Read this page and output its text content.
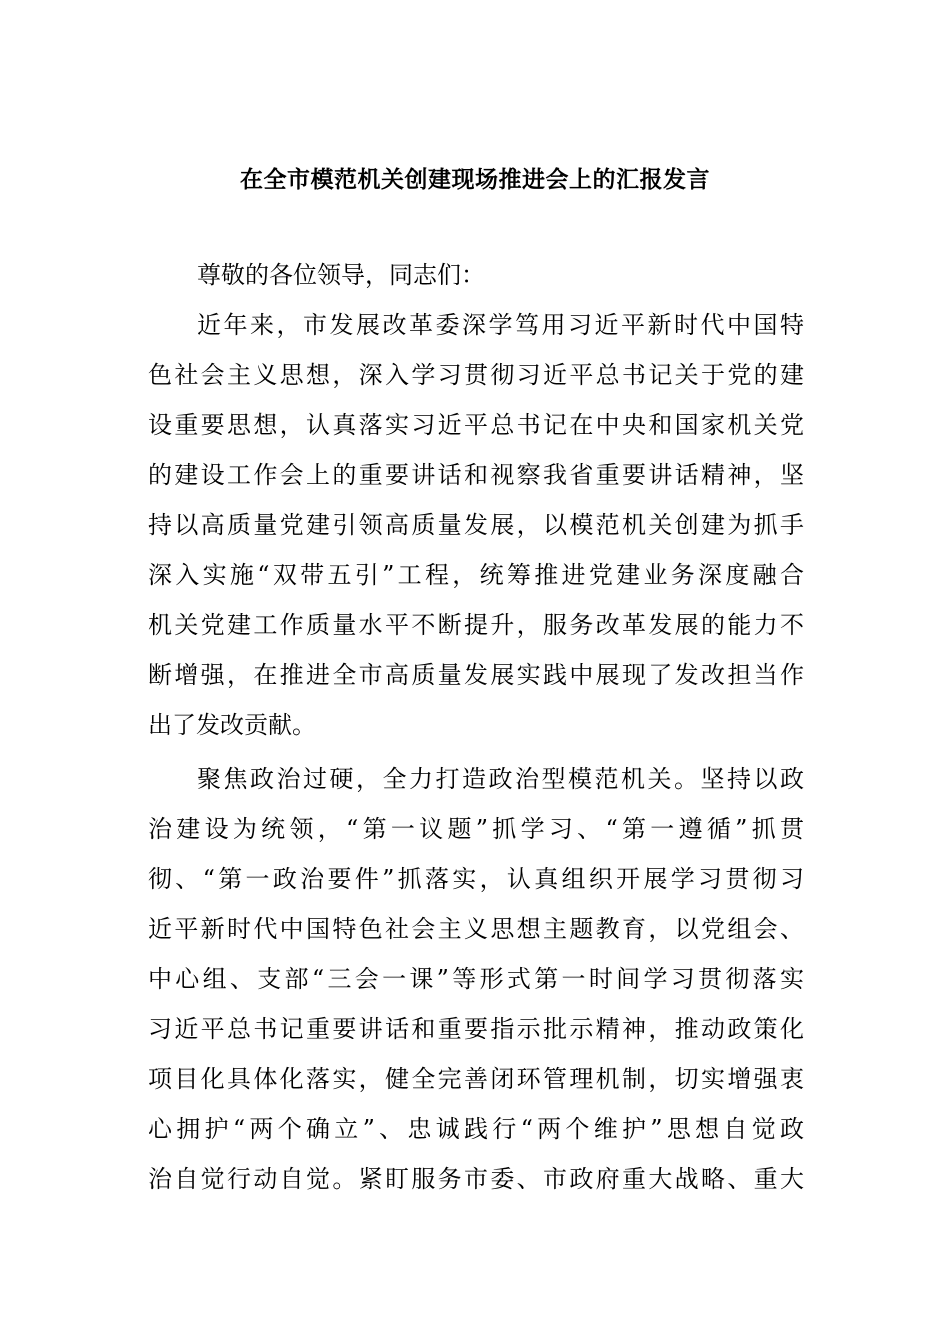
在全市模范机关创建现场推进会上的汇报发言
尊敬的各位领导，同志们：
近年来，市发展改革委深学笃用习近平新时代中国特
色社会主义思想，深入学习贯彻习近平总书记关于党的建
设重要思想，认真落实习近平总书记在中央和国家机关党
的建设工作会上的重要讲话和视察我省重要讲话精神，坚
持以高质量党建引领高质量发展，以模范机关创建为抓手
深入实施“双带五引”工程，统筹推进党建业务深度融合
机关党建工作质量水平不断提升，服务改革发展的能力不
断增强，在推进全市高质量发展实践中展现了发改担当作
出了发改贡献。
聚焦政治过硬，全力打造政治型模范机关。坚持以政
治建设为统领，“第一议题”抓学习、“第一遵循”抓贯
彻、“第一政治要件”抓落实，认真组织开展学习贯彻习
近平新时代中国特色社会主义思想主题教育，以党组会、
中心组、支部“三会一课”等形式第一时间学习贯彻落实
习近平总书记重要讲话和重要指示批示精神，推动政策化
项目化具体化落实，健全完善闭环管理机制，切实增强衷
心拥护“两个确立”、忠诚践行“两个维护”思想自觉政
治自觉行动自觉。紧盯服务市委、市政府重大战略、重大
